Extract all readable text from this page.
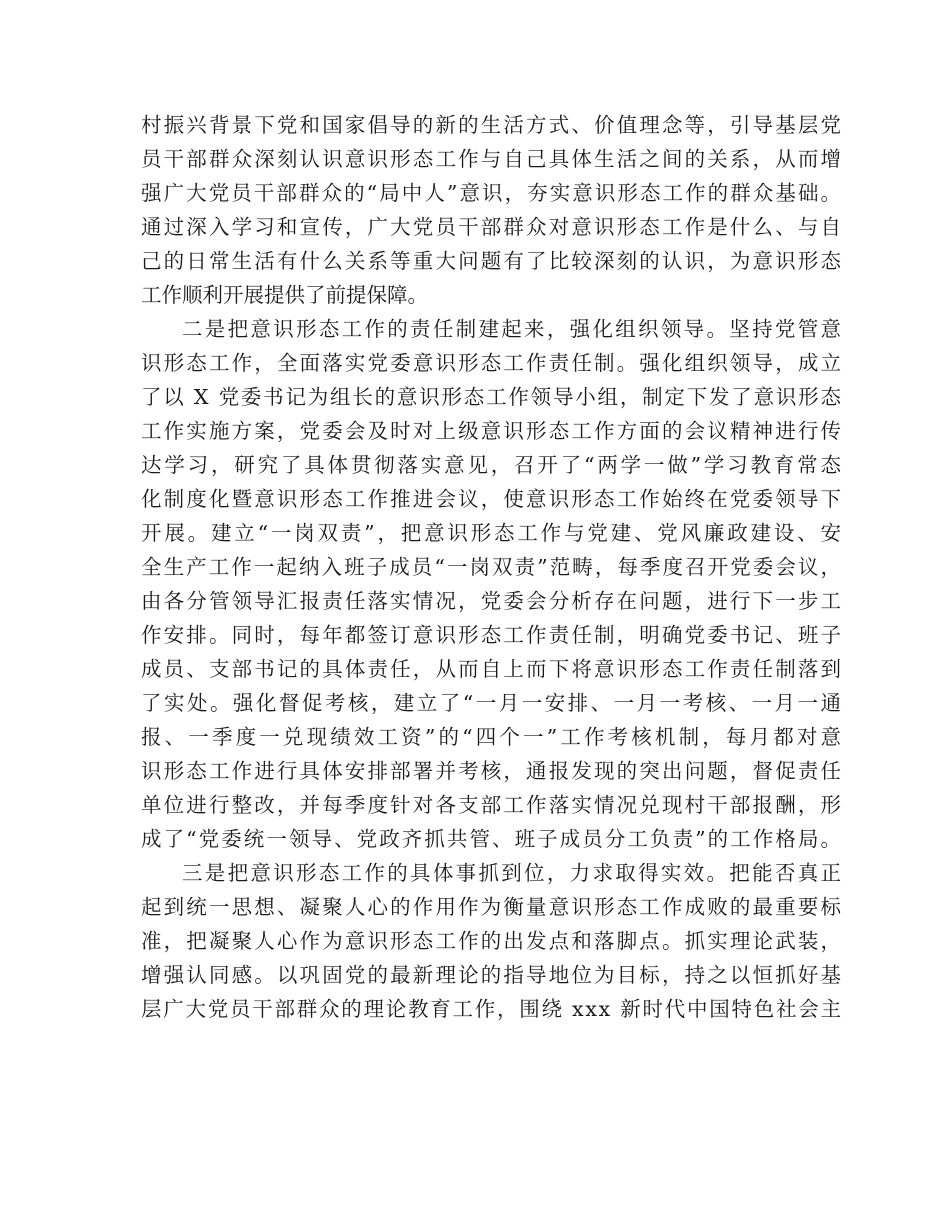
村振兴背景下党和国家倡导的新的生活方式、价值理念等，引导基层党
员干部群众深刻认识意识形态工作与自己具体生活之间的关系，从而增
强广大党员干部群众的“局中人”意识，夯实意识形态工作的群众基础。
通过深入学习和宣传，广大党员干部群众对意识形态工作是什么、与自
己的日常生活有什么关系等重大问题有了比较深刻的认识，为意识形态
工作顺利开展提供了前提保障。
二是把意识形态工作的责任制建起来，强化组织领导。坚持党管意
识形态工作，全面落实党委意识形态工作责任制。强化组织领导，成立
了以 X 党委书记为组长的意识形态工作领导小组，制定下发了意识形态
工作实施方案，党委会及时对上级意识形态工作方面的会议精神进行传
达学习，研究了具体贯彻落实意见，召开了“两学一做”学习教育常态
化制度化暨意识形态工作推进会议，使意识形态工作始终在党委领导下
开展。建立“一岗双责”，把意识形态工作与党建、党风廉政建设、安
全生产工作一起纳入班子成员“一岗双责”范畴，每季度召开党委会议，
由各分管领导汇报责任落实情况，党委会分析存在问题，进行下一步工
作安排。同时，每年都签订意识形态工作责任制，明确党委书记、班子
成员、支部书记的具体责任，从而自上而下将意识形态工作责任制落到
了实处。强化督促考核，建立了“一月一安排、一月一考核、一月一通
报、一季度一兑现绩效工资”的“四个一”工作考核机制，每月都对意
识形态工作进行具体安排部署并考核，通报发现的突出问题，督促责任
单位进行整改，并每季度针对各支部工作落实情况兑现村干部报酬，形
成了“党委统一领导、党政齐抓共管、班子成员分工负责”的工作格局。
三是把意识形态工作的具体事抓到位，力求取得实效。把能否真正
起到统一思想、凝聚人心的作用作为衡量意识形态工作成败的最重要标
准，把凝聚人心作为意识形态工作的出发点和落脚点。抓实理论武装，
增强认同感。以巩固党的最新理论的指导地位为目标，持之以恒抓好基
层广大党员干部群众的理论教育工作，围绕 xxx 新时代中国特色社会主
